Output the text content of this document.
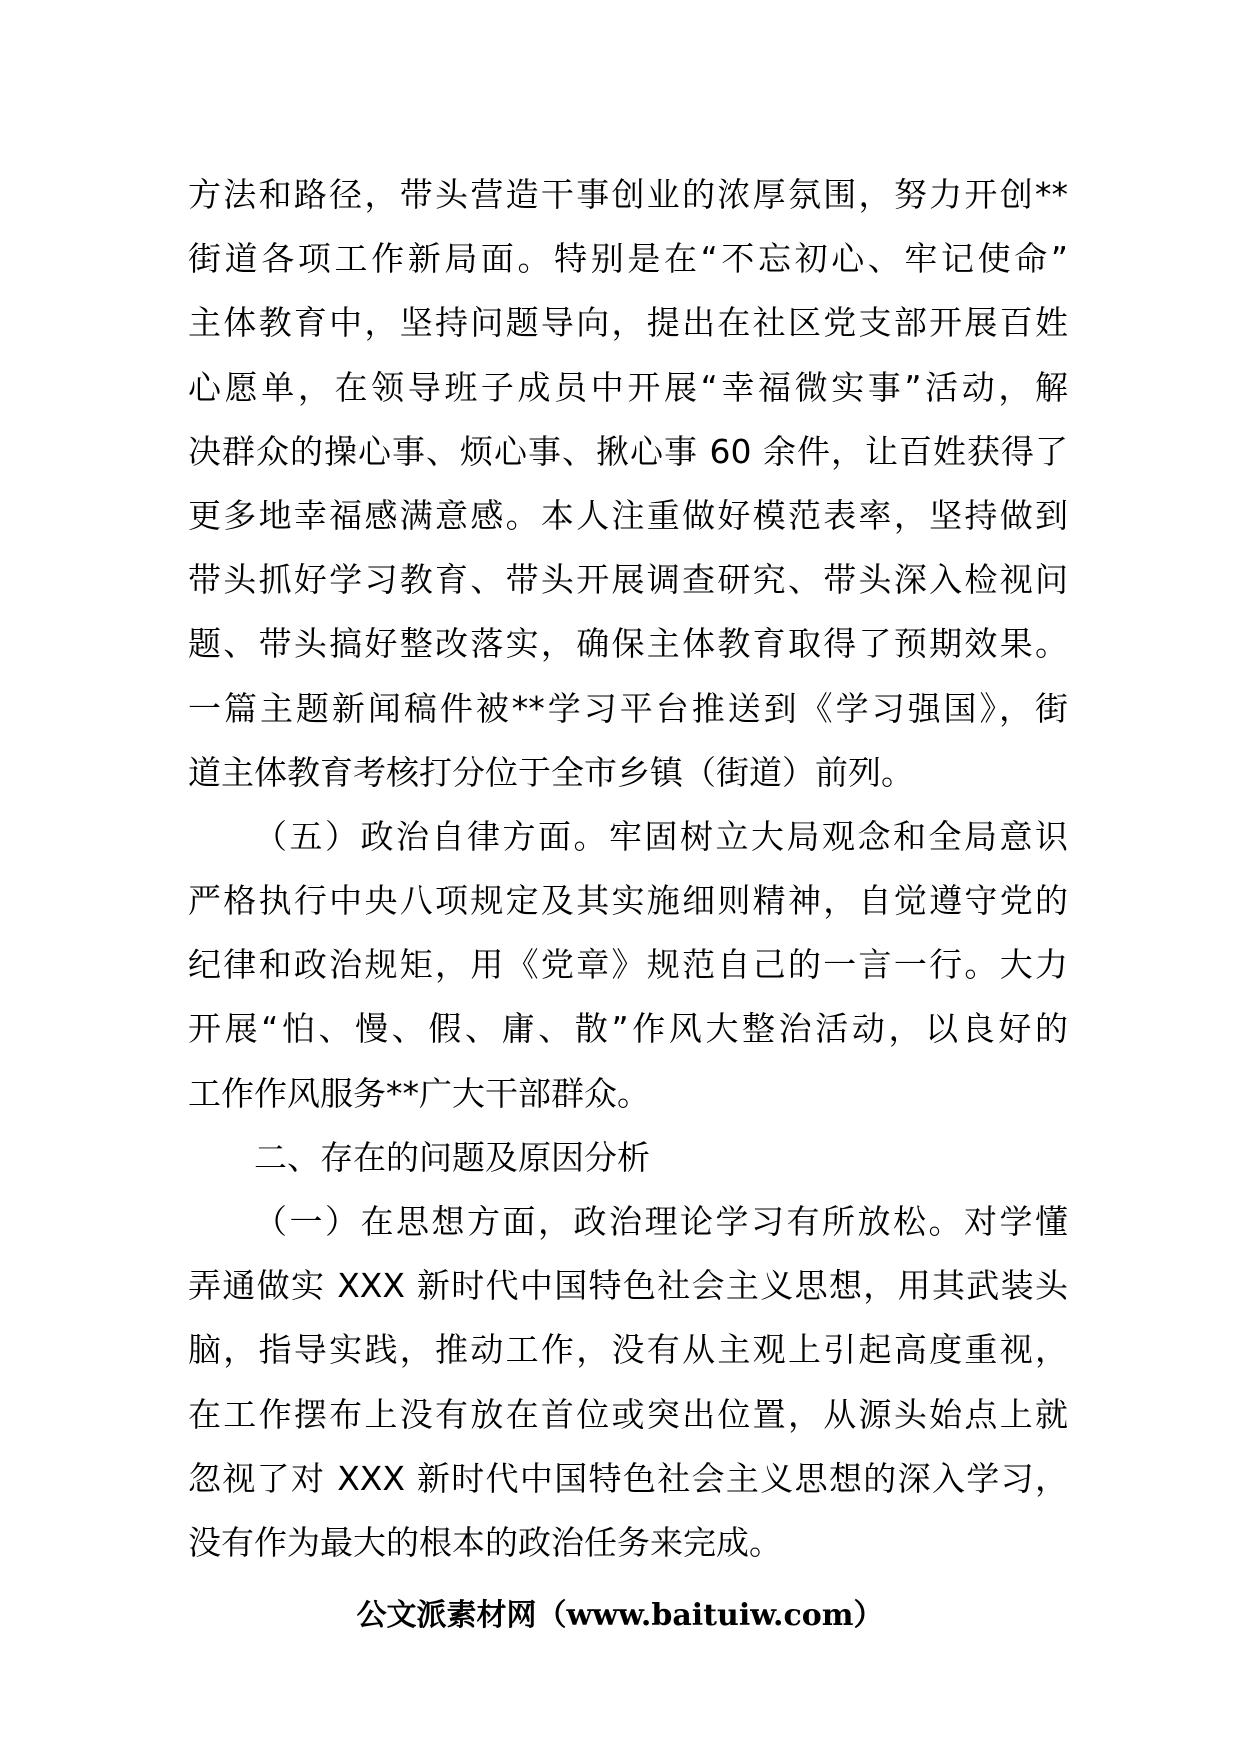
方法和路径，带头营造干事创业的浓厚氛围，努力开创**
街道各项工作新局面。特别是在“不忘初心、牢记使命”
主体教育中，坚持问题导向，提出在社区党支部开展百姓
心愿单，在领导班子成员中开展“幸福微实事”活动，解
决群众的操心事、烦心事、揪心事 60 余件，让百姓获得了
更多地幸福感满意感。本人注重做好模范表率，坚持做到
带头抓好学习教育、带头开展调查研究、带头深入检视问
题、带头搞好整改落实，确保主体教育取得了预期效果。
一篇主题新闻稿件被**学习平台推送到《学习强国》，街
道主体教育考核打分位于全市乡镇（街道）前列。
（五）政治自律方面。牢固树立大局观念和全局意识
严格执行中央八项规定及其实施细则精神，自觉遵守党的
纪律和政治规矩，用《党章》规范自己的一言一行。大力
开展“怕、慢、假、庸、散”作风大整治活动，以良好的
工作作风服务**广大干部群众。
二、存在的问题及原因分析
（一）在思想方面，政治理论学习有所放松。对学懂
弄通做实 XXX 新时代中国特色社会主义思想，用其武装头
脑，指导实践，推动工作，没有从主观上引起高度重视，
在工作摆布上没有放在首位或突出位置，从源头始点上就
忽视了对 XXX 新时代中国特色社会主义思想的深入学习，
没有作为最大的根本的政治任务来完成。
公文派素材网（www.baituiw.com）
